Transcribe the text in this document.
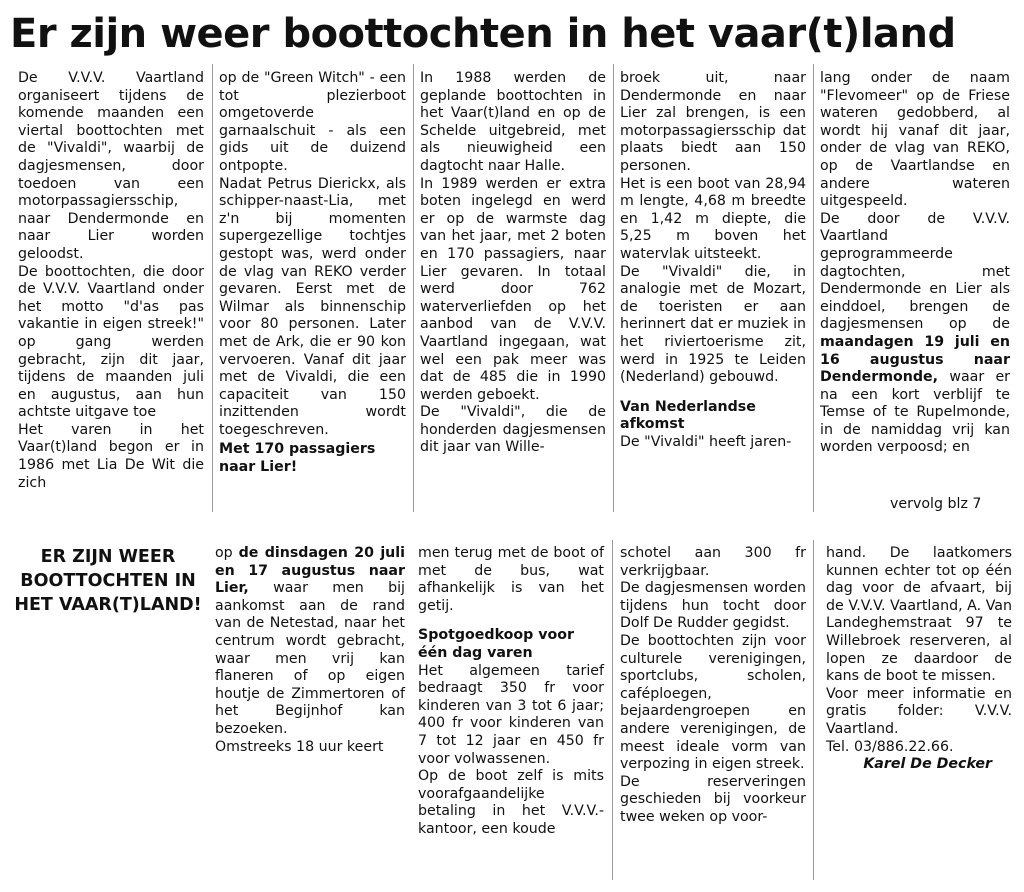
Er zijn weer boottochten in het vaar(t)land

De V.V.V. Vaartland organiseert tijdens de komende maanden een viertal boottochten met de "Vivaldi", waarbij de dagjesmensen, door toedoen van een motorpassagiersschip, naar Dendermonde en naar Lier worden geloodst.

De boottochten, die door de V.V.V. Vaartland onder het motto "d'as pas vakantie in eigen streek!" op gang werden gebracht, zijn dit jaar, tijdens de maanden juli en augustus, aan hun achtste uitgave toe

Het varen in het Vaar(t)land begon er in 1986 met Lia De Wit die zich

op de "Green Witch" - een tot plezierboot omgetoverde garnaalschuit - als een gids uit de duizend ontpopte.

Nadat Petrus Dierickx, als schipper-naast-Lia, met z'n bij momenten supergezellige tochtjes gestopt was, werd onder de vlag van REKO verder gevaren. Eerst met de Wilmar als binnenschip voor 80 personen. Later met de Ark, die er 90 kon vervoeren. Vanaf dit jaar met de Vivaldi, die een capaciteit van 150 inzittenden wordt toegeschreven.

Met 170 passagiers naar Lier!

In 1988 werden de geplande boottochten in het Vaar(t)land en op de Schelde uitgebreid, met als nieuwigheid een dagtocht naar Halle.

In 1989 werden er extra boten ingelegd en werd er op de warmste dag van het jaar, met 2 boten en 170 passagiers, naar Lier gevaren. In totaal werd door 762 waterverliefden op het aanbod van de V.V.V. Vaartland ingegaan, wat wel een pak meer was dat de 485 die in 1990 werden geboekt.

De "Vivaldi", die de honderden dagjesmensen dit jaar van Wille-

broek uit, naar Dendermonde en naar Lier zal brengen, is een motorpassagiersschip dat plaats biedt aan 150 personen.

Het is een boot van 28,94 m lengte, 4,68 m breedte en 1,42 m diepte, die 5,25 m boven het watervlak uitsteekt.

De "Vivaldi" die, in analogie met de Mozart, de toeristen er aan herinnert dat er muziek in het riviertoerisme zit, werd in 1925 te Leiden (Nederland) gebouwd.

Van Nederlandse afkomst

De "Vivaldi" heeft jaren-

lang onder de naam "Flevomeer" op de Friese wateren gedobberd, al wordt hij vanaf dit jaar, onder de vlag van REKO, op de Vaartlandse en andere wateren uitgespeeld.

De door de V.V.V. Vaartland geprogrammeerde dagtochten, met Dendermonde en Lier als einddoel, brengen de dagjesmensen op de maandagen 19 juli en 16 augustus naar Dendermonde, waar er na een kort verblijf te Temse of te Rupelmonde, in de namiddag vrij kan worden verpoosd; en

vervolg blz 7
ER ZIJN WEER BOOTTOCHTEN IN HET VAAR(T)LAND!

op de dinsdagen 20 juli en 17 augustus naar Lier, waar men bij aankomst aan de rand van de Netestad, naar het centrum wordt gebracht, waar men vrij kan flaneren of op eigen houtje de Zimmertoren of het Begijnhof kan bezoeken.

Omstreeks 18 uur keert

men terug met de boot of met de bus, wat afhankelijk is van het getij.

Spotgoedkoop voor één dag varen

Het algemeen tarief bedraagt 350 fr voor kinderen van 3 tot 6 jaar; 400 fr voor kinderen van 7 tot 12 jaar en 450 fr voor volwassenen.

Op de boot zelf is mits voorafgaandelijke betaling in het V.V.V.-kantoor, een koude

schotel aan 300 fr verkrijgbaar.

De dagjesmensen worden tijdens hun tocht door Dolf De Rudder gegidst.

De boottochten zijn voor culturele verenigingen, sportclubs, scholen, caféploegen, bejaardengroepen en andere verenigingen, de meest ideale vorm van verpozing in eigen streek.

De reserveringen geschieden bij voorkeur twee weken op voor-

hand. De laatkomers kunnen echter tot op één dag voor de afvaart, bij de V.V.V. Vaartland, A. Van Landeghemstraat 97 te Willebroek reserveren, al lopen ze daardoor de kans de boot te missen.

Voor meer informatie en gratis folder: V.V.V. Vaartland.

Tel. 03/886.22.66.

Karel De Decker
